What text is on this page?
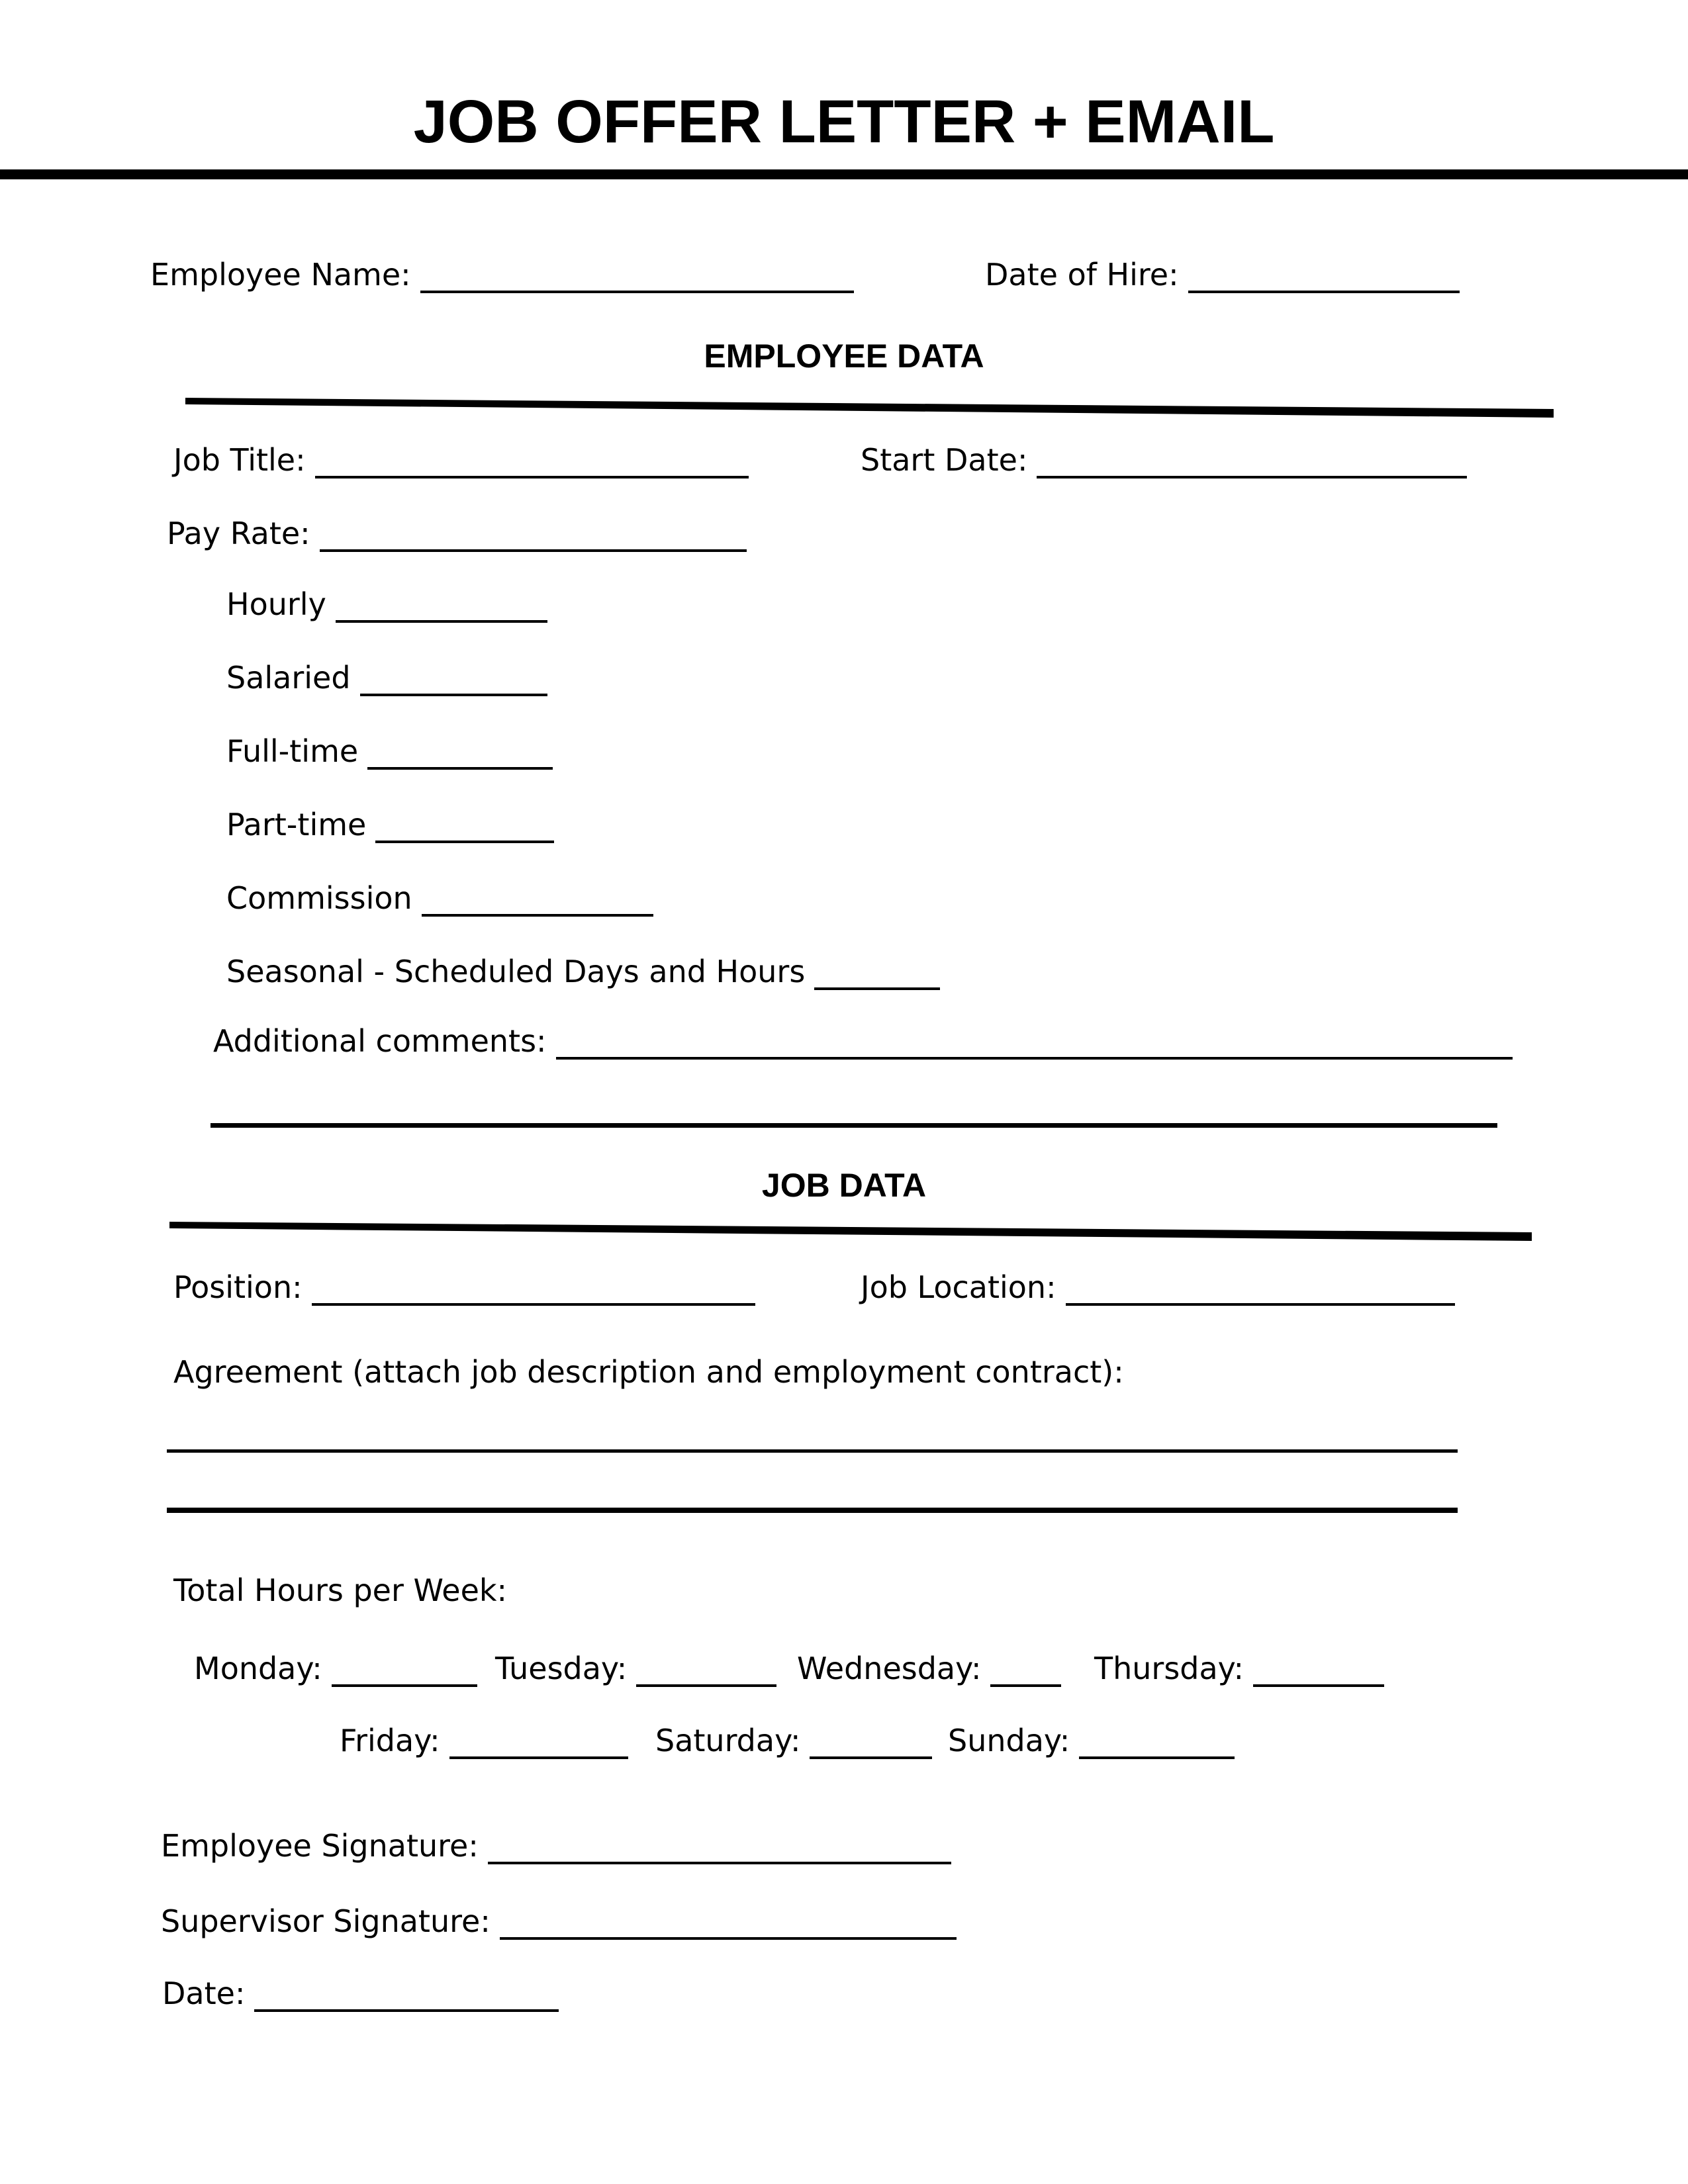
JOB OFFER LETTER + EMAIL
Employee Name:	Date of Hire:
EMPLOYEE DATA
Job Title:	Start Date:
Pay Rate:
Hourly
Salaried
Full-time
Part-time
Commission
Seasonal - Scheduled Days and Hours
Additional comments:
JOB DATA
Position:	Job Location:
Agreement (attach job description and employment contract):
Total Hours per Week:
Monday:	Tuesday:	Wednesday:	Thursday:
Friday:	Saturday:	Sunday:
Employee Signature:
Supervisor Signature:
Date:
